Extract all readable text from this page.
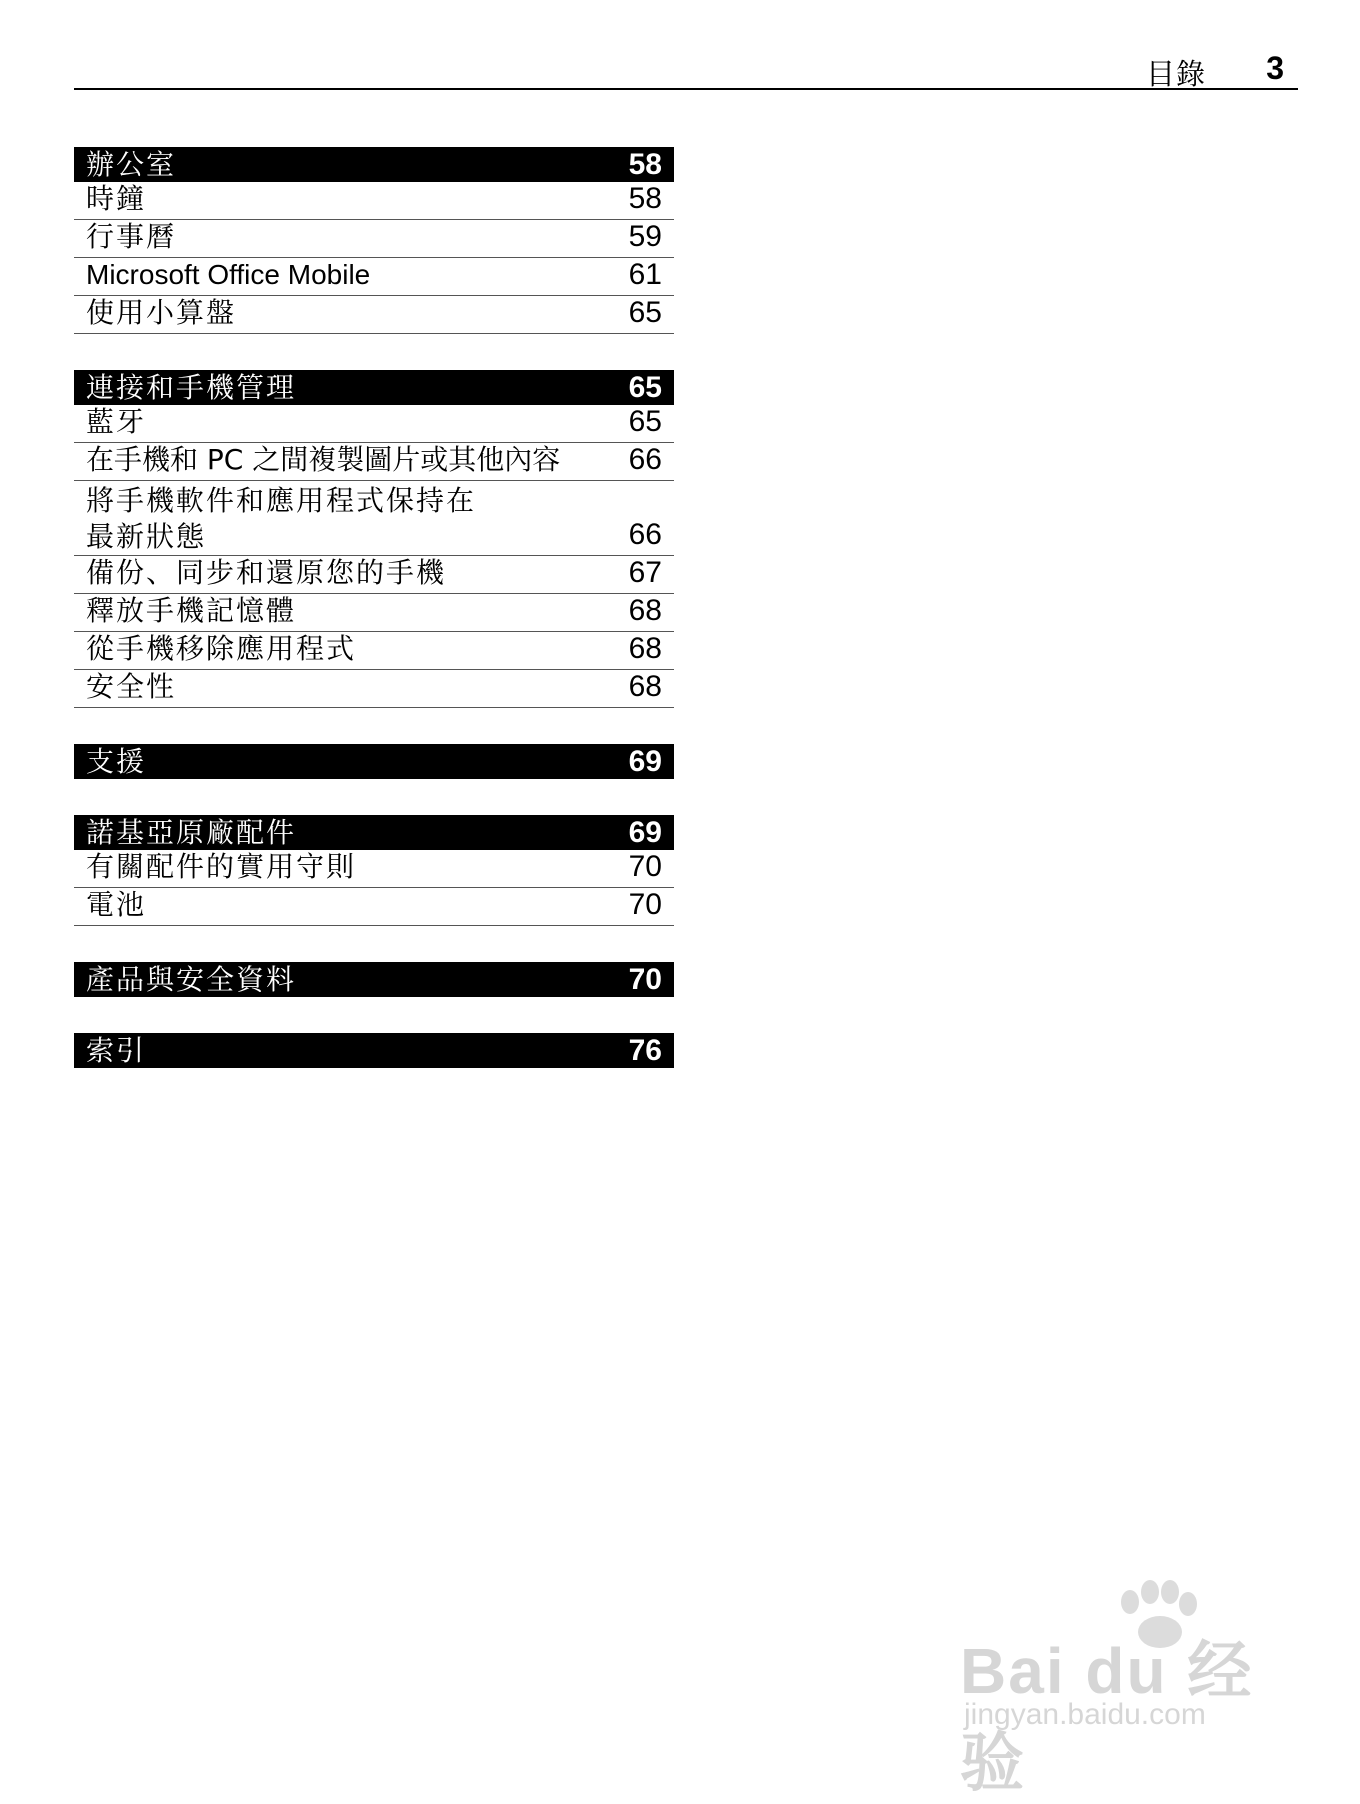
目錄 3
辦公室	58
時鐘	58
行事曆	59
Microsoft Office Mobile	61
使用小算盤	65
連接和手機管理	65
藍牙	65
在手機和 PC 之間複製圖片或其他內容	66
將手機軟件和應用程式保持在最新狀態	66
備份、同步和還原您的手機	67
釋放手機記憶體	68
從手機移除應用程式	68
安全性	68
支援	69
諾基亞原廠配件	69
有關配件的實用守則	70
電池	70
產品與安全資料	70
索引	76
Bai du 经验
jingyan.baidu.com
